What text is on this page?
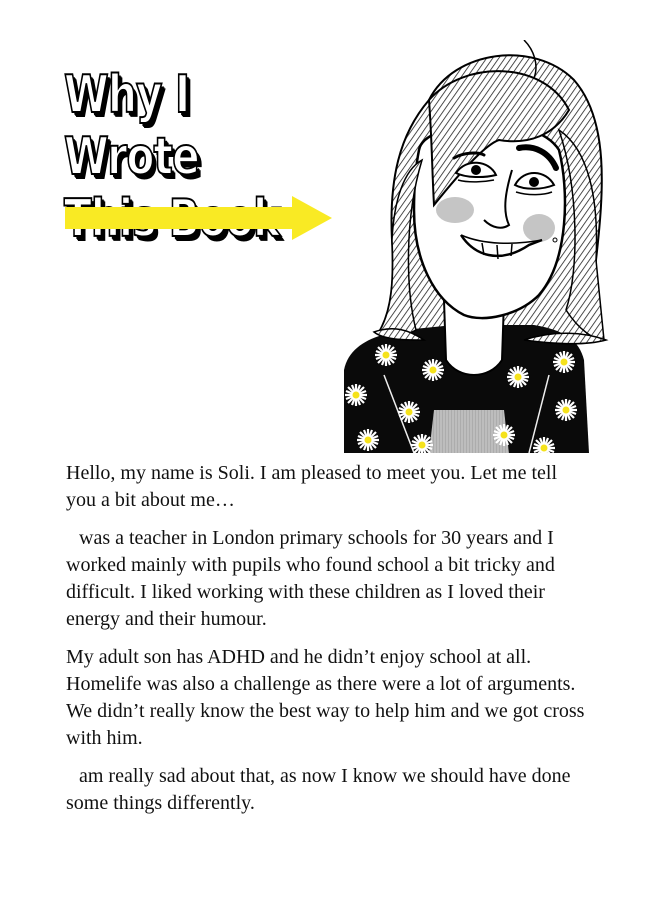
Why I Wrote

Hello, my name is Soli. I am pleased to meet you. Let me tell you a bit about me…

was a teacher in London primary schools for 30 years and I worked mainly with pupils who found school a bit tricky and difficult. I liked working with these children as I loved their energy and their humour.

My adult son has ADHD and he didn’t enjoy school at all. Homelife was also a challenge as there were a lot of arguments. We didn’t really know the best way to help him and we got cross with him.

am really sad about that, as now I know we should have done some things differently.
